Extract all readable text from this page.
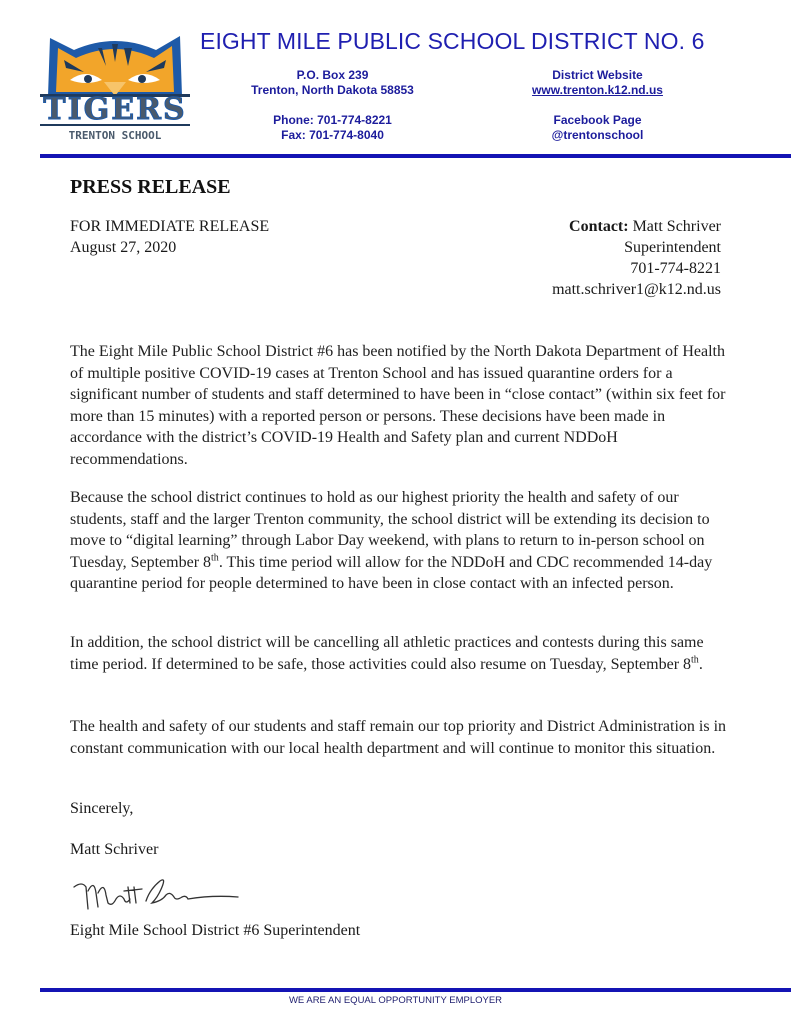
TIGERS
TRENTON SCHOOL
EIGHT MILE PUBLIC SCHOOL DISTRICT NO. 6
P.O. Box 239
Trenton, North Dakota 58853
Phone: 701-774-8221
Fax: 701-774-8040
District Website
www.trenton.k12.nd.us
Facebook Page
@trentonschool
PRESS RELEASE
FOR IMMEDIATE RELEASE
August 27, 2020
Contact: Matt Schriver
Superintendent
701-774-8221
matt.schriver1@k12.nd.us
The Eight Mile Public School District #6 has been notified by the North Dakota Department of Health of multiple positive COVID-19 cases at Trenton School and has issued quarantine orders for a significant number of students and staff determined to have been in “close contact” (within six feet for more than 15 minutes) with a reported person or persons. These decisions have been made in accordance with the district’s COVID-19 Health and Safety plan and current NDDoH recommendations.
Because the school district continues to hold as our highest priority the health and safety of our students, staff and the larger Trenton community, the school district will be extending its decision to move to “digital learning” through Labor Day weekend, with plans to return to in-person school on Tuesday, September 8th. This time period will allow for the NDDoH and CDC recommended 14-day quarantine period for people determined to have been in close contact with an infected person.
In addition, the school district will be cancelling all athletic practices and contests during this same time period. If determined to be safe, those activities could also resume on Tuesday, September 8th.
The health and safety of our students and staff remain our top priority and District Administration is in constant communication with our local health department and will continue to monitor this situation.
Sincerely,
Matt Schriver
Eight Mile School District #6 Superintendent
WE ARE AN EQUAL OPPORTUNITY EMPLOYER
